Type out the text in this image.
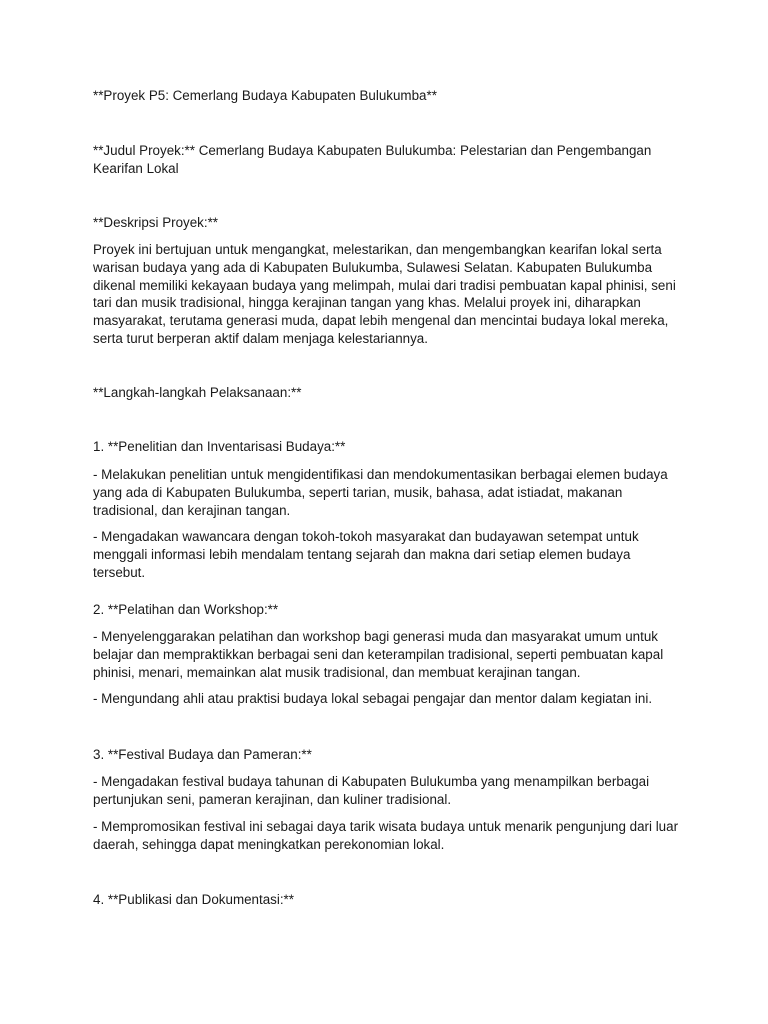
**Proyek P5: Cemerlang Budaya Kabupaten Bulukumba**

**Judul Proyek:** Cemerlang Budaya Kabupaten Bulukumba: Pelestarian dan Pengembangan Kearifan Lokal

**Deskripsi Proyek:**

Proyek ini bertujuan untuk mengangkat, melestarikan, dan mengembangkan kearifan lokal serta warisan budaya yang ada di Kabupaten Bulukumba, Sulawesi Selatan. Kabupaten Bulukumba dikenal memiliki kekayaan budaya yang melimpah, mulai dari tradisi pembuatan kapal phinisi, seni tari dan musik tradisional, hingga kerajinan tangan yang khas. Melalui proyek ini, diharapkan masyarakat, terutama generasi muda, dapat lebih mengenal dan mencintai budaya lokal mereka, serta turut berperan aktif dalam menjaga kelestariannya.

**Langkah-langkah Pelaksanaan:**

1. **Penelitian dan Inventarisasi Budaya:**

- Melakukan penelitian untuk mengidentifikasi dan mendokumentasikan berbagai elemen budaya yang ada di Kabupaten Bulukumba, seperti tarian, musik, bahasa, adat istiadat, makanan tradisional, dan kerajinan tangan.

- Mengadakan wawancara dengan tokoh-tokoh masyarakat dan budayawan setempat untuk menggali informasi lebih mendalam tentang sejarah dan makna dari setiap elemen budaya tersebut.

2. **Pelatihan dan Workshop:**

- Menyelenggarakan pelatihan dan workshop bagi generasi muda dan masyarakat umum untuk belajar dan mempraktikkan berbagai seni dan keterampilan tradisional, seperti pembuatan kapal phinisi, menari, memainkan alat musik tradisional, dan membuat kerajinan tangan.

- Mengundang ahli atau praktisi budaya lokal sebagai pengajar dan mentor dalam kegiatan ini.

3. **Festival Budaya dan Pameran:**

- Mengadakan festival budaya tahunan di Kabupaten Bulukumba yang menampilkan berbagai pertunjukan seni, pameran kerajinan, dan kuliner tradisional.

- Mempromosikan festival ini sebagai daya tarik wisata budaya untuk menarik pengunjung dari luar daerah, sehingga dapat meningkatkan perekonomian lokal.

4. **Publikasi dan Dokumentasi:**
